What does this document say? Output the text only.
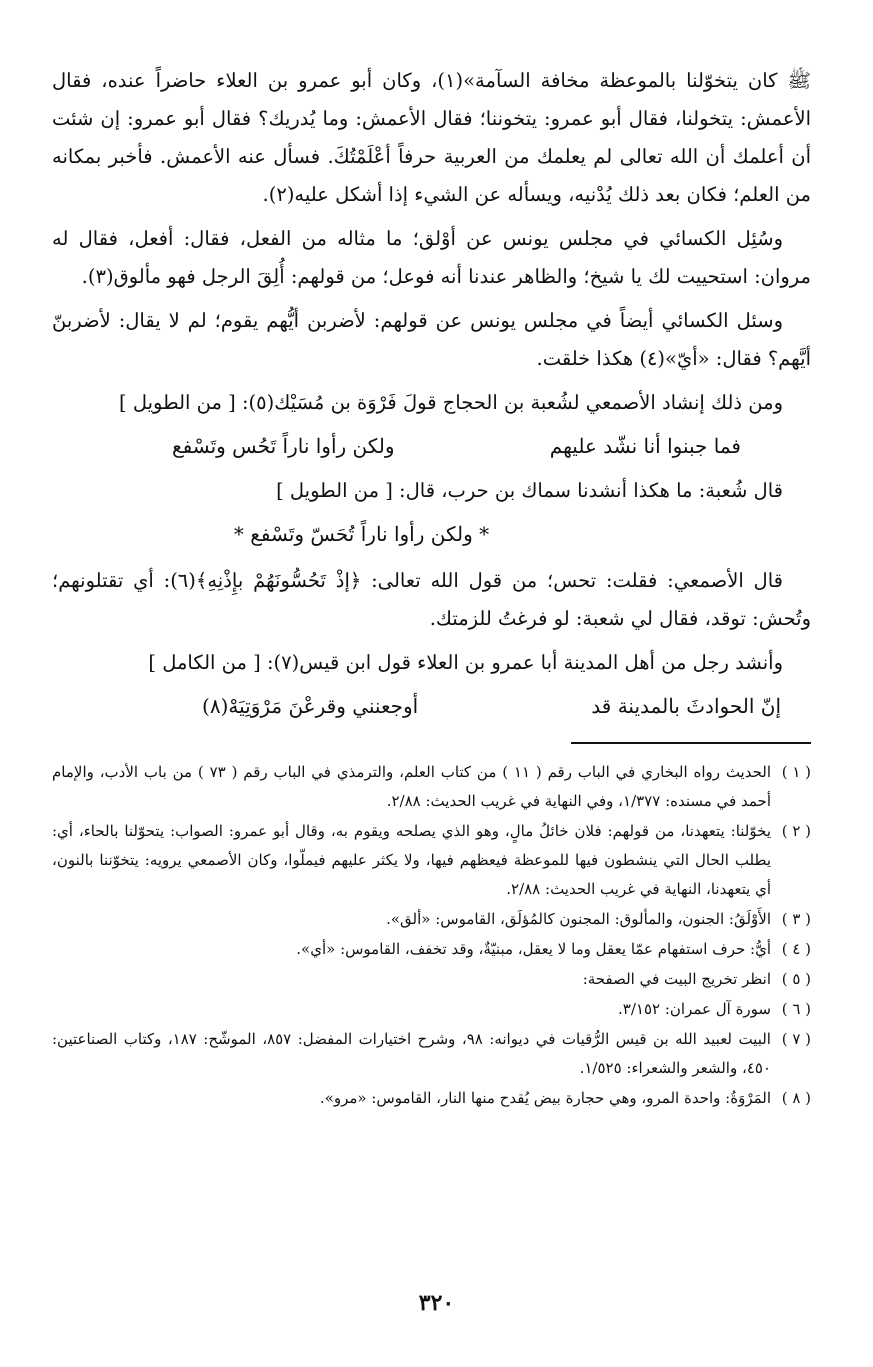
ﷺ كان يتخوّلنا بالموعظة مخافة السآمة»(١)، وكان أبو عمرو بن العلاء حاضراً عنده، فقال الأعمش: يتخولنا، فقال أبو عمرو: يتخوننا؛ فقال الأعمش: وما يُدريك؟ فقال أبو عمرو: إن شئت أن أعلمك أن الله تعالى لم يعلمك من العربية حرفاً أعْلَمْتُكَ. فسأل عنه الأعمش. فأخبر بمكانه من العلم؛ فكان بعد ذلك يُدْنيه، ويسأله عن الشيء إذا أشكل عليه(٢).

وسُئِل الكسائي في مجلس يونس عن أوْلق؛ ما مثاله من الفعل، فقال: أفعل، فقال له مروان: استحييت لك يا شيخ؛ والظاهر عندنا أنه فوعل؛ من قولهم: أُلِقَ الرجل فهو مألوق(٣).

وسئل الكسائي أيضاً في مجلس يونس عن قولهم: لأضربن أيُّهم يقوم؛ لم لا يقال: لأضربنّ أيَّهم؟ فقال: «أيّ»(٤) هكذا خلقت.

ومن ذلك إنشاد الأصمعي لشُعبة بن الحجاج قولَ فَرْوَة بن مُسَيْك(٥): [ من الطويل ]

فما جبنوا أنا نشّد عليهم
ولكن رأوا ناراً تَحُس وتَسْفع

قال شُعبة: ما هكذا أنشدنا سماك بن حرب، قال: [ من الطويل ]

* ولكن رأوا ناراً تُحَسّ وتَسْفع *

قال الأصمعي: فقلت: تحس؛ من قول الله تعالى: ﴿إذْ تَحُسُّونَهُمْ بإِذْنِهِ﴾(٦): أي تقتلونهم؛ وتُحش: توقد، فقال لي شعبة: لو فرغتُ للزمتك.

وأنشد رجل من أهل المدينة أبا عمرو بن العلاء قول ابن قيس(٧): [ من الكامل ]

إنّ الحوادثَ بالمدينة قد
أوجعنني وقرعْنَ مَرْوَتِيَهْ(٨)
( ١ )
الحديث رواه البخاري في الباب رقم ( ١١ ) من كتاب العلم، والترمذي في الباب رقم ( ٧٣ ) من باب الأدب، والإمام أحمد في مسنده: ١/٣٧٧، وفي النهاية في غريب الحديث: ٢/٨٨.
( ٢ )
يخوّلنا: يتعهدنا، من قولهم: فلان خائلُ مالٍ، وهو الذي يصلحه ويقوم به، وقال أبو عمرو: الصواب: يتحوّلنا بالحاء، أي: يطلب الحال التي ينشطون فيها للموعظة فيعظهم فيها، ولا يكثر عليهم فيملّوا، وكان الأصمعي يرويه: يتخوّننا بالنون، أي يتعهدنا، النهاية في غريب الحديث: ٢/٨٨.
( ٣ )
الأَوْلَقُ: الجنون، والمألوق: المجنون كالمُؤلَق، القاموس: «ألق».
( ٤ )
أيُّ: حرف استفهام عمّا يعقل وما لا يعقل، مبنيّةٌ، وقد تخفف، القاموس: «أي».
( ٥ )
انظر تخريج البيت في الصفحة:
( ٦ )
سورة آل عمران: ٣/١٥٢.
( ٧ )
البيت لعبيد الله بن قيس الرُّقيات في ديوانه: ٩٨، وشرح اختيارات المفضل: ٨٥٧، الموشّح: ١٨٧، وكتاب الصناعتين: ٤٥٠، والشعر والشعراء: ١/٥٢٥.
( ٨ )
المَرْوَةُ: واحدة المرو، وهي حجارة بيض يُقدح منها النار، القاموس: «مرو».
٣٢٠
